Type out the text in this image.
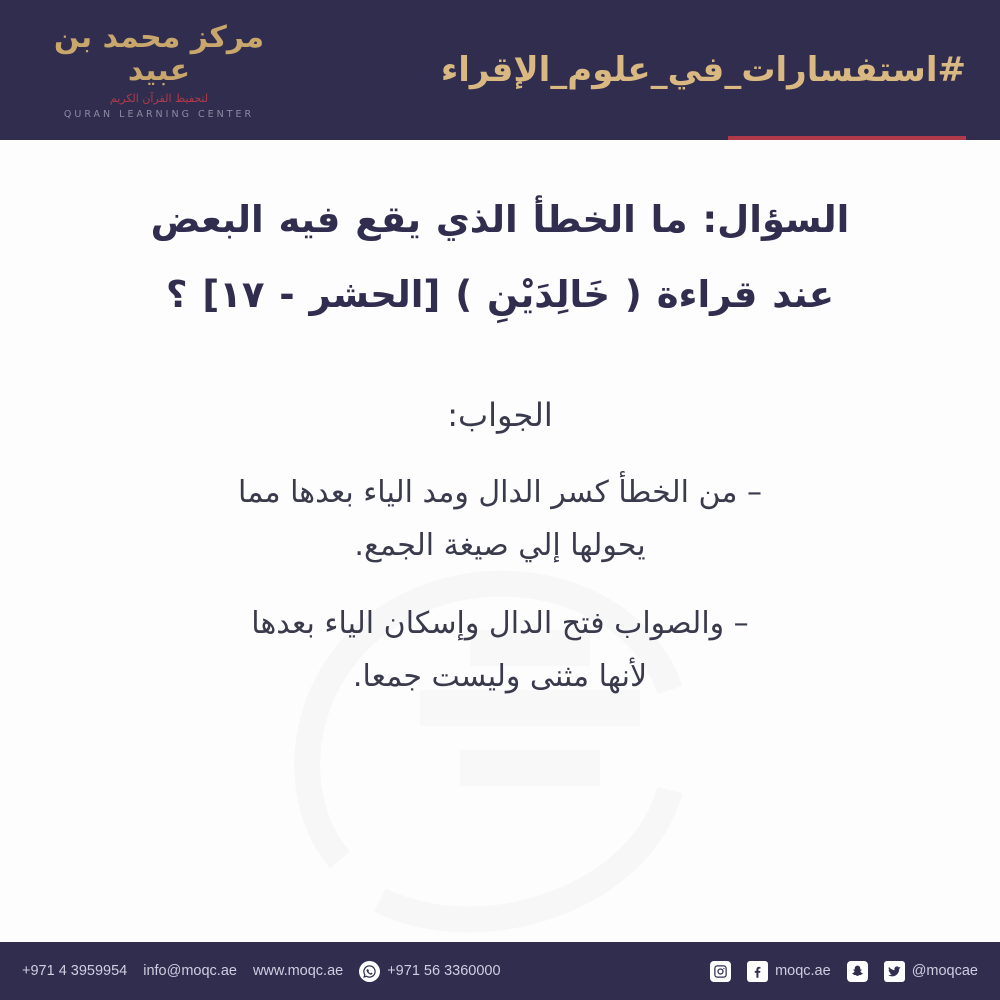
#استفسارات_في_علوم_الإقراء
مركز محمد بن عبيد
لتحفيظ القرآن الكريم
QURAN LEARNING CENTER
السؤال: ما الخطأ الذي يقع فيه البعض
عند قراءة ( خَالِدَيْنِ ) [الحشر - ١٧] ؟
الجواب:
– من الخطأ كسر الدال ومد الياء بعدها مما
يحولها إلي صيغة الجمع.
– والصواب فتح الدال وإسكان الياء بعدها
لأنها مثنى وليست جمعا.
+971 4 3959954 info@moqc.ae www.moqc.ae	+971 56 3360000	moqc.ae	@moqcae
